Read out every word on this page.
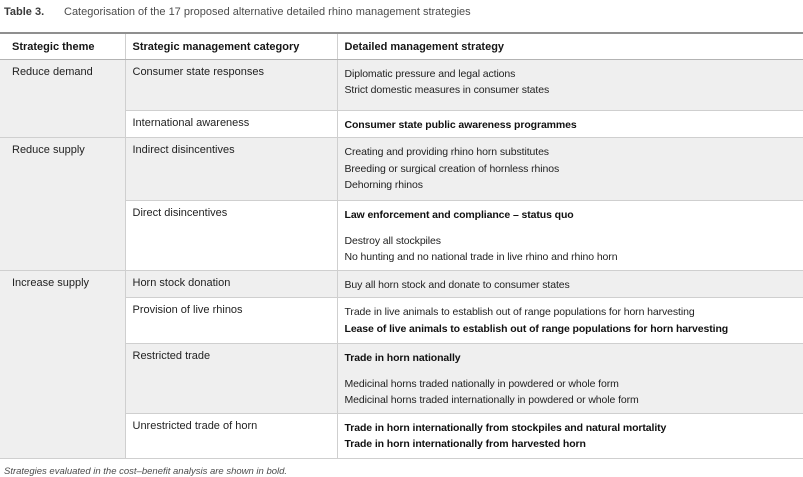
Table 3. Categorisation of the 17 proposed alternative detailed rhino management strategies
Strategic theme	Strategic management category	Detailed management strategy
Reduce demand	Consumer state responses	Diplomatic pressure and legal actions
Strict domestic measures in consumer states

	International awareness	Consumer state public awareness programmes

Reduce supply	Indirect disincentives	Creating and providing rhino horn substitutes
Breeding or surgical creation of hornless rhinos
Dehorning rhinos

	Direct disincentives	Law enforcement and compliance – status quo
Destroy all stockpiles
No hunting and no national trade in live rhino and rhino horn

Increase supply	Horn stock donation	Buy all horn stock and donate to consumer states

	Provision of live rhinos	Trade in live animals to establish out of range populations for horn harvesting
Lease of live animals to establish out of range populations for horn harvesting

	Restricted trade	Trade in horn nationally
Medicinal horns traded nationally in powdered or whole form
Medicinal horns traded internationally in powdered or whole form

	Unrestricted trade of horn	Trade in horn internationally from stockpiles and natural mortality
Trade in horn internationally from harvested horn
Strategies evaluated in the cost–benefit analysis are shown in bold.
